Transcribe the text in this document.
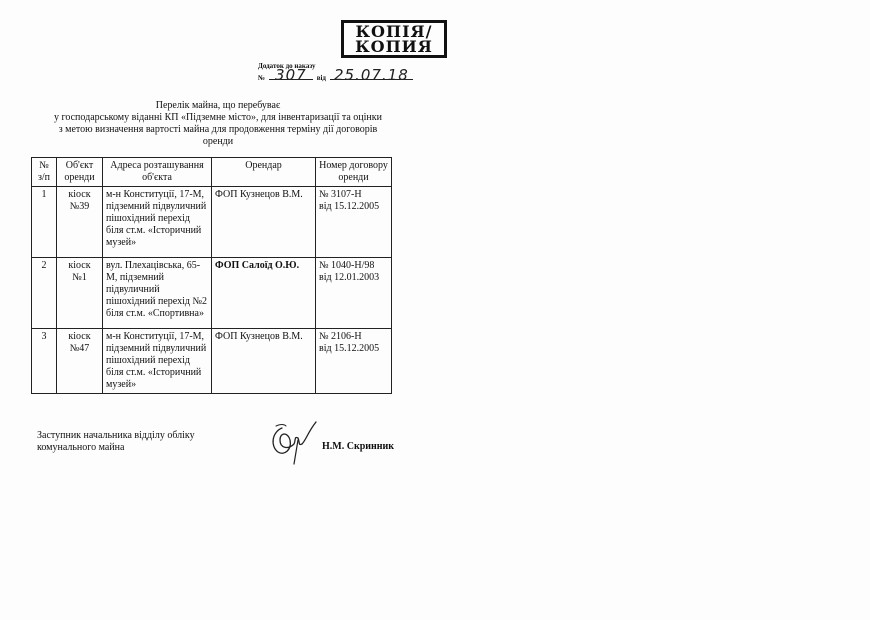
КОПІЯ/
КОПИЯ
Додаток до наказу
№ 307	від 25.07.18
Перелік майна, що перебуває
у господарському віданні КП «Підземне місто», для інвентаризації та оцінки
з метою визначення вартості майна для продовження терміну дії договорів
оренди
№ з/п	Об'єкт оренди	Адреса розташування об'єкта	Орендар	Номер договору оренди
1	кіоск №39	м-н Конституції, 17-М, підземний підвуличний пішохідний перехід біля ст.м. «Історичний музей»	ФОП Кузнецов В.М.	№ 3107-Н
від 15.12.2005

2	кіоск №1	вул. Плехацівська, 65-М, підземний підвуличний пішохідний перехід №2 біля ст.м. «Спортивна»	ФОП Салоїд О.Ю.	№ 1040-Н/98
від 12.01.2003

3	кіоск №47	м-н Конституції, 17-М, підземний підвуличний пішохідний перехід біля ст.м. «Історичний музей»	ФОП Кузнецов В.М.	№ 2106-Н
від 15.12.2005
Заступник начальника відділу обліку
комунального майна	Н.М. Скринник
